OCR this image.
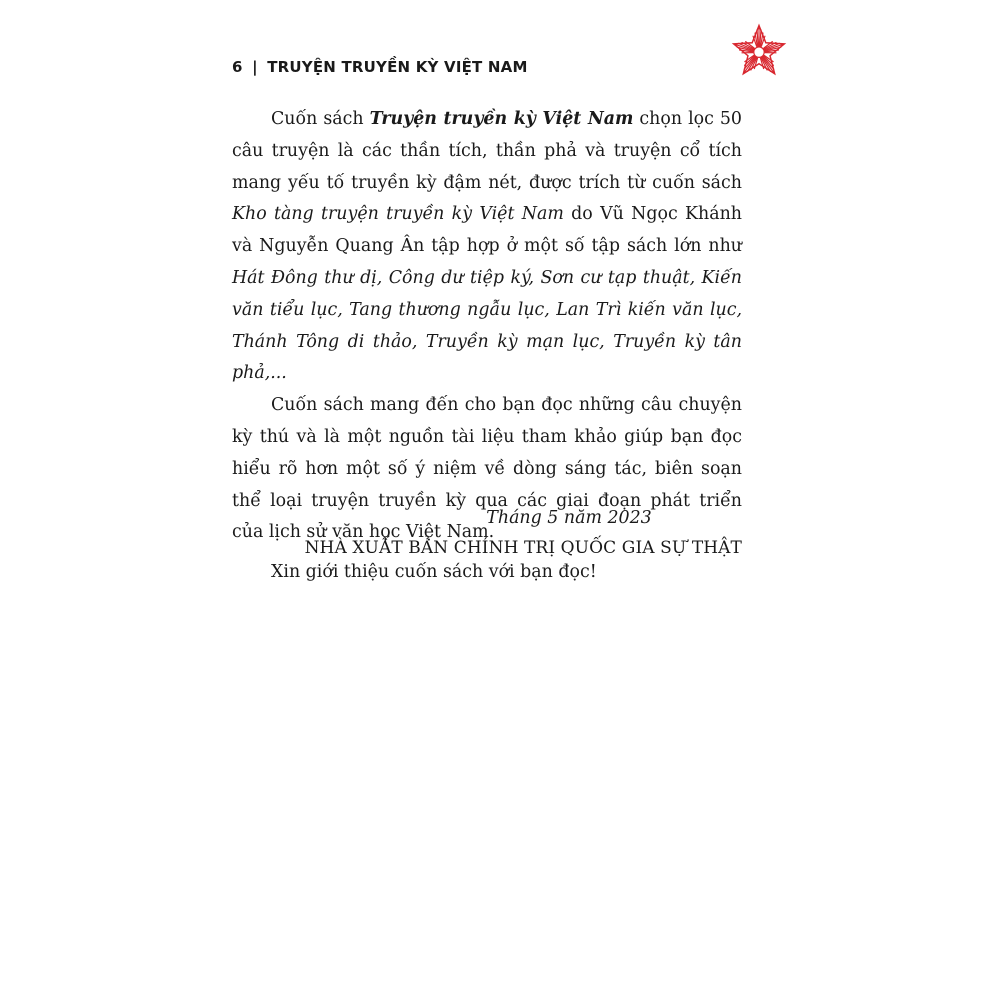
6 | TRUYỆN TRUYỀN KỲ VIỆT NAM

Cuốn sách Truyện truyền kỳ Việt Nam chọn lọc 50 câu truyện là các thần tích, thần phả và truyện cổ tích mang yếu tố truyền kỳ đậm nét, được trích từ cuốn sách Kho tàng truyện truyền kỳ Việt Nam do Vũ Ngọc Khánh và Nguyễn Quang Ân tập hợp ở một số tập sách lớn như Hát Đông thư dị, Công dư tiệp ký, Sơn cư tạp thuật, Kiến văn tiểu lục, Tang thương ngẫu lục, Lan Trì kiến văn lục, Thánh Tông di thảo, Truyền kỳ mạn lục, Truyền kỳ tân phả,...

Cuốn sách mang đến cho bạn đọc những câu chuyện kỳ thú và là một nguồn tài liệu tham khảo giúp bạn đọc hiểu rõ hơn một số ý niệm về dòng sáng tác, biên soạn thể loại truyện truyền kỳ qua các giai đoạn phát triển của lịch sử văn học Việt Nam.

Xin giới thiệu cuốn sách với bạn đọc!

Tháng 5 năm 2023
NHÀ XUẤT BẢN CHÍNH TRỊ QUỐC GIA SỰ THẬT
